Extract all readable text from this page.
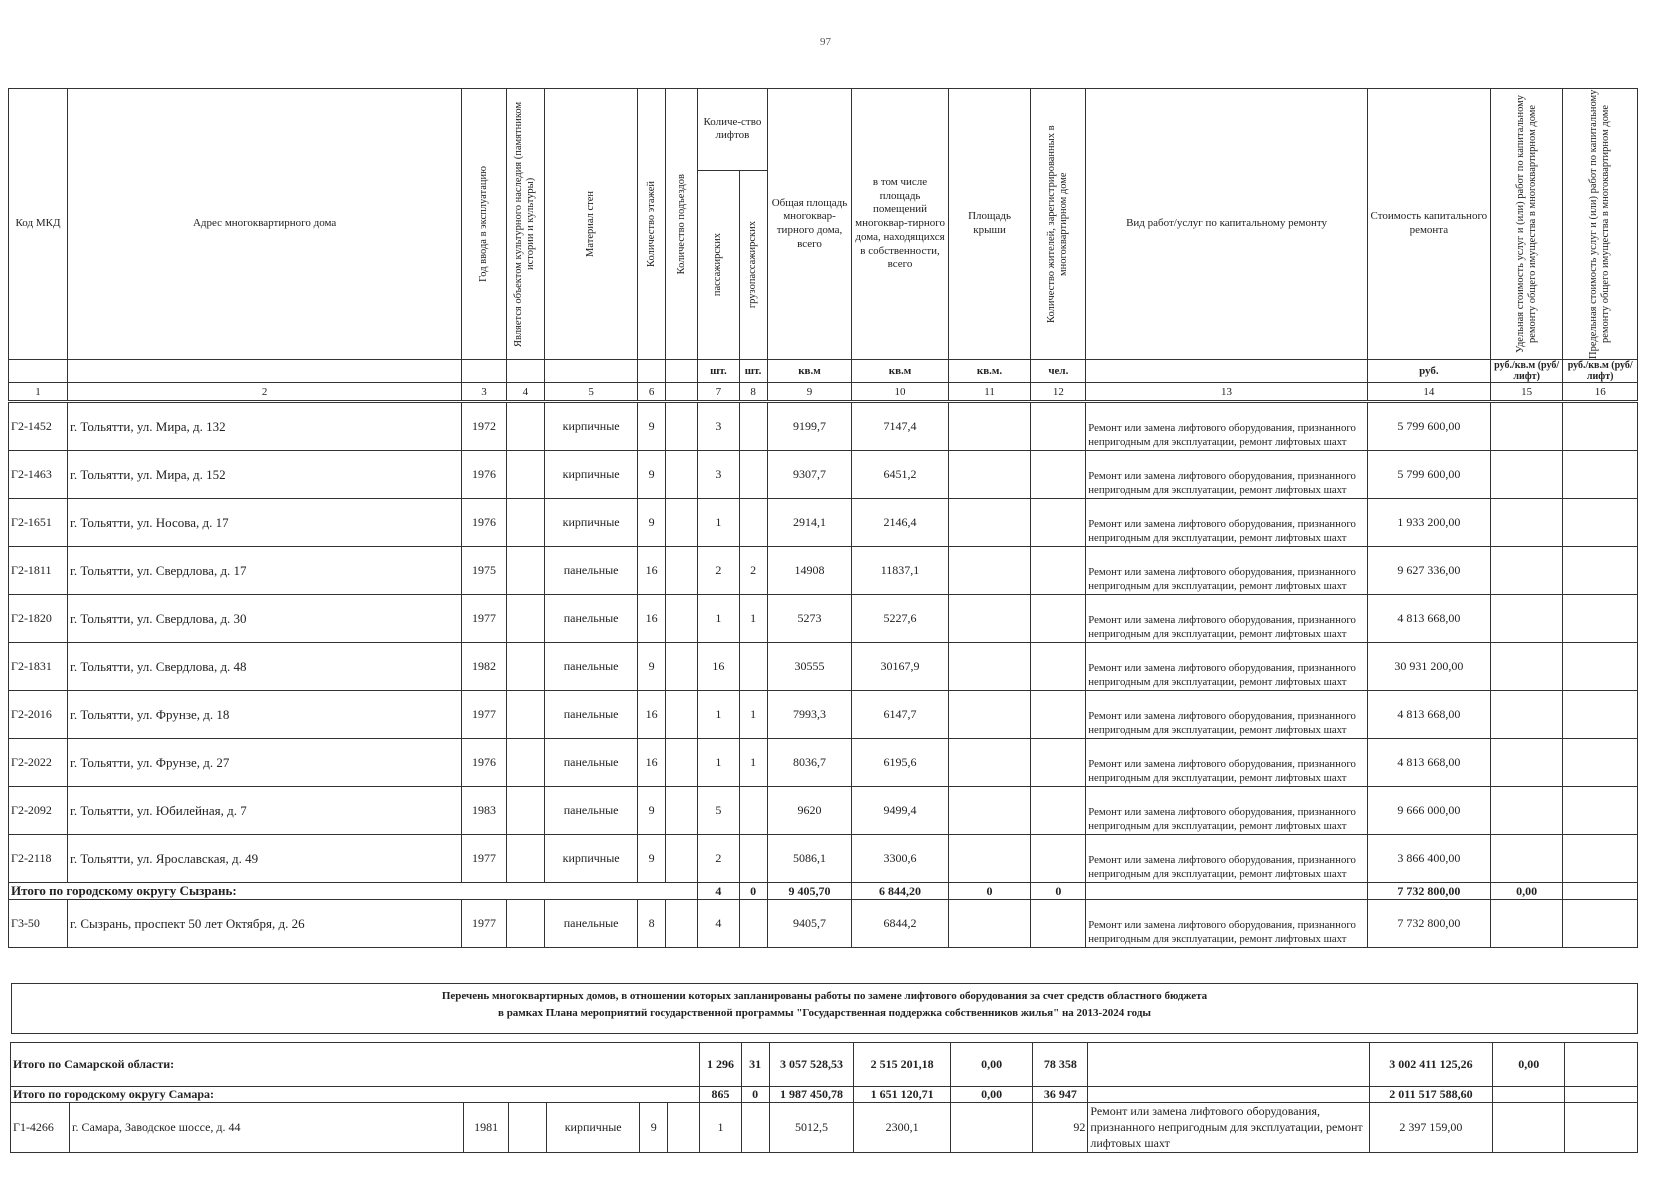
97
Код МКД	Адрес многоквартирного дома	Год ввода в эксплуатацию	Является объектом культурного наследия (памятником истории и культуры)	Материал стен	Количество этажей	Количество подъездов	Количе-ство лифтов		Общая площадь многоквар-тирного дома, всего	в том числе площадь помещений многоквар-тирного дома, находящихся в собственности, всего	Площадь крыши	Количество жителей, зарегистрированных в многоквартирном доме	Вид работ/услуг по капитальному ремонту	Стоимость капитального ремонта	Удельная стоимость услуг и (или) работ по капитальному ремонту общего имущества в многоквартирном доме	Предельная стоимость услуг и (или) работ по капитальному ремонту общего имущества в многоквартирном доме

							пассажирских	грузопассажирских								

							шт.	шт.	кв.м	кв.м	кв.м.	чел.		руб.	руб./кв.м (руб/лифт)	руб./кв.м (руб/лифт)
1	2	3	4	5	6		7	8	9	10	11	12	13	14	15	16
Г2-1452	г. Тольятти, ул. Мира, д. 132	1972		кирпичные	9		3		9199,7	7147,4			Ремонт или замена лифтового оборудования, признанного непригодным для эксплуатации, ремонт лифтовых шахт	5 799 600,00		
Г2-1463	г. Тольятти, ул. Мира, д. 152	1976		кирпичные	9		3		9307,7	6451,2			Ремонт или замена лифтового оборудования, признанного непригодным для эксплуатации, ремонт лифтовых шахт	5 799 600,00		
Г2-1651	г. Тольятти, ул. Носова, д. 17	1976		кирпичные	9		1		2914,1	2146,4			Ремонт или замена лифтового оборудования, признанного непригодным для эксплуатации, ремонт лифтовых шахт	1 933 200,00		
Г2-1811	г. Тольятти, ул. Свердлова, д. 17	1975		панельные	16		2	2	14908	11837,1			Ремонт или замена лифтового оборудования, признанного непригодным для эксплуатации, ремонт лифтовых шахт	9 627 336,00		
Г2-1820	г. Тольятти, ул. Свердлова, д. 30	1977		панельные	16		1	1	5273	5227,6			Ремонт или замена лифтового оборудования, признанного непригодным для эксплуатации, ремонт лифтовых шахт	4 813 668,00		
Г2-1831	г. Тольятти, ул. Свердлова, д. 48	1982		панельные	9		16		30555	30167,9			Ремонт или замена лифтового оборудования, признанного непригодным для эксплуатации, ремонт лифтовых шахт	30 931 200,00		
Г2-2016	г. Тольятти, ул. Фрунзе, д. 18	1977		панельные	16		1	1	7993,3	6147,7			Ремонт или замена лифтового оборудования, признанного непригодным для эксплуатации, ремонт лифтовых шахт	4 813 668,00		
Г2-2022	г. Тольятти, ул. Фрунзе, д. 27	1976		панельные	16		1	1	8036,7	6195,6			Ремонт или замена лифтового оборудования, признанного непригодным для эксплуатации, ремонт лифтовых шахт	4 813 668,00		
Г2-2092	г. Тольятти, ул. Юбилейная, д. 7	1983		панельные	9		5		9620	9499,4			Ремонт или замена лифтового оборудования, признанного непригодным для эксплуатации, ремонт лифтовых шахт	9 666 000,00		
Г2-2118	г. Тольятти, ул. Ярославская, д. 49	1977		кирпичные	9		2		5086,1	3300,6			Ремонт или замена лифтового оборудования, признанного непригодным для эксплуатации, ремонт лифтовых шахт	3 866 400,00		
Итого по городскому округу Сызрань:							4	0	9 405,70	6 844,20	0	0		7 732 800,00	0,00	
Г3-50	г. Сызрань, проспект 50 лет Октября, д. 26	1977		панельные	8		4		9405,7	6844,2			Ремонт или замена лифтового оборудования, признанного непригодным для эксплуатации, ремонт лифтовых шахт	7 732 800,00		
Перечень многоквартирных домов, в отношении которых запланированы работы по замене лифтового оборудования за счет средств областного бюджета
в рамках Плана мероприятий государственной программы "Государственная поддержка собственников жилья" на 2013-2024 годы
Итого по Самарской области:							1 296	31	3 057 528,53	2 515 201,18	0,00	78 358		3 002 411 125,26	0,00	
Итого по городскому округу Самара:							865	0	1 987 450,78	1 651 120,71	0,00	36 947		2 011 517 588,60		
Г1-4266	г. Самара, Заводское шоссе, д. 44	1981		кирпичные	9		1		5012,5	2300,1		92	Ремонт или замена лифтового оборудования, признанного непригодным для эксплуатации, ремонт лифтовых шахт	2 397 159,00		
